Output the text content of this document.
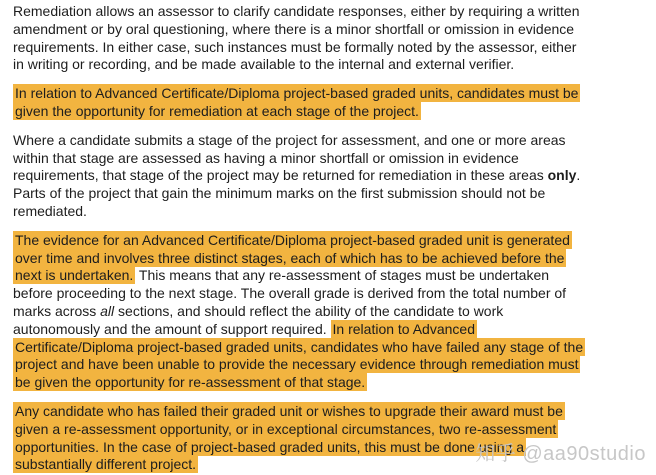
Remediation allows an assessor to clarify candidate responses, either by requiring a written amendment or by oral questioning, where there is a minor shortfall or omission in evidence requirements. In either case, such instances must be formally noted by the assessor, either in writing or recording, and be made available to the internal and external verifier.

In relation to Advanced Certificate/Diploma project-based graded units, candidates must be given the opportunity for remediation at each stage of the project.

Where a candidate submits a stage of the project for assessment, and one or more areas within that stage are assessed as having a minor shortfall or omission in evidence requirements, that stage of the project may be returned for remediation in these areas only. Parts of the project that gain the minimum marks on the first submission should not be remediated.

The evidence for an Advanced Certificate/Diploma project-based graded unit is generated over time and involves three distinct stages, each of which has to be achieved before the next is undertaken. This means that any re-assessment of stages must be undertaken before proceeding to the next stage. The overall grade is derived from the total number of marks across all sections, and should reflect the ability of the candidate to work autonomously and the amount of support required. In relation to Advanced Certificate/Diploma project-based graded units, candidates who have failed any stage of the project and have been unable to provide the necessary evidence through remediation must be given the opportunity for re-assessment of that stage.

Any candidate who has failed their graded unit or wishes to upgrade their award must be given a re-assessment opportunity, or in exceptional circumstances, two re-assessment opportunities. In the case of project-based graded units, this must be done using a substantially different project.	知乎 @aa90studio
